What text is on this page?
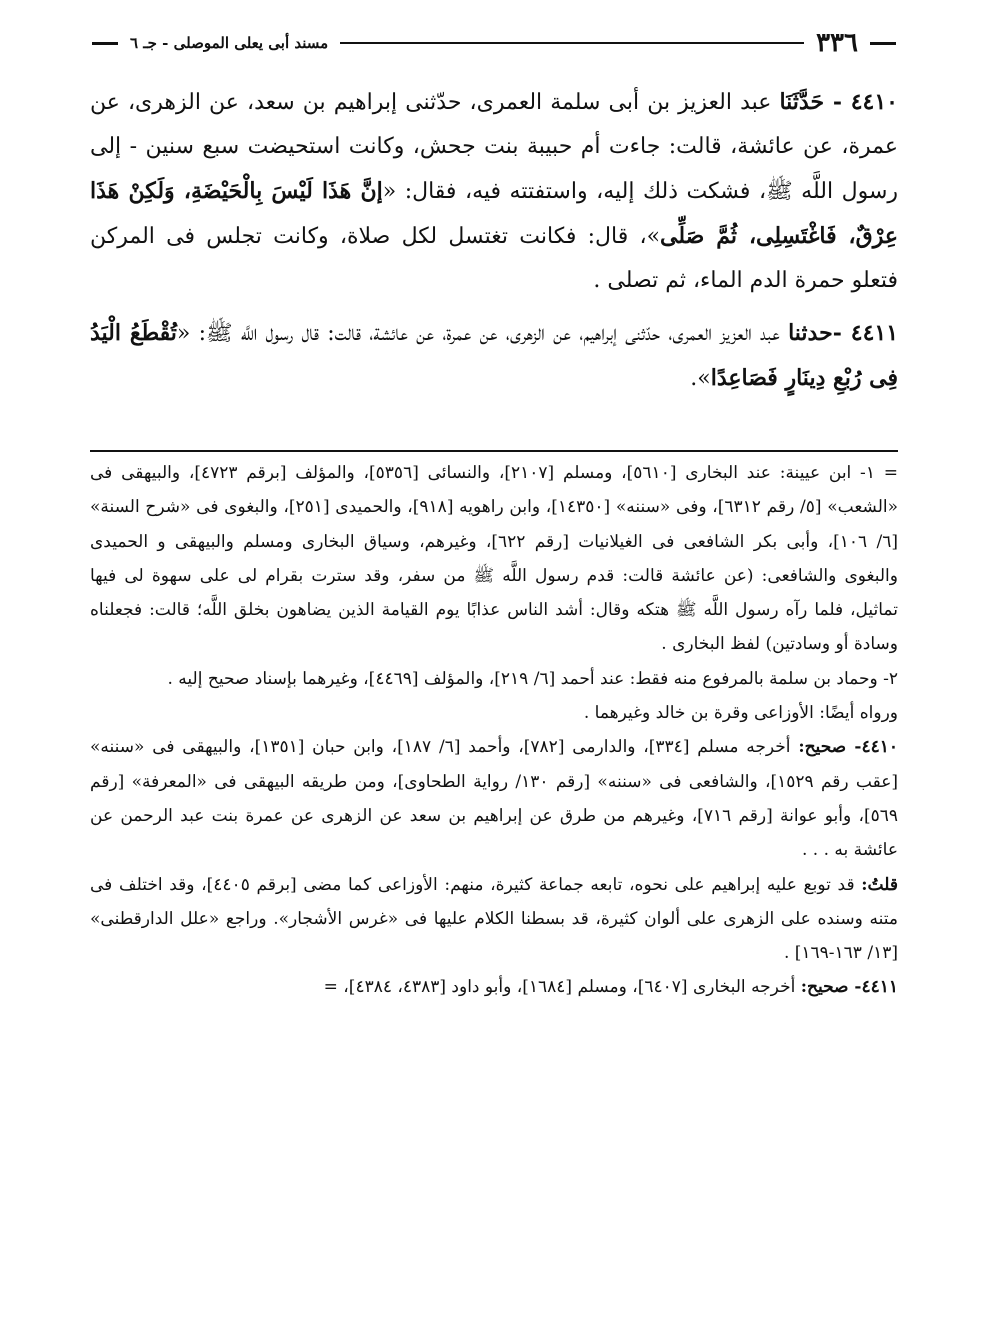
٣٣٦
مسند أبى يعلى الموصلى - جـ ٦

٤٤١٠ - حَدَّثَنَا عبد العزيز بن أبى سلمة العمرى، حدّثنى إبراهيم بن سعد، عن الزهرى، عن عمرة، عن عائشة، قالت: جاءت أم حبيبة بنت جحش، وكانت استحيضت سبع سنين - إلى رسول اللَّه ﷺ، فشكت ذلك إليه، واستفتته فيه، فقال: «إنَّ هَذَا لَيْسَ بِالْحَيْضَةِ، وَلَكِنْ هَذَا عِرْقٌ، فَاغْتَسِلِى، ثُمَّ صَلِّى»، قال: فكانت تغتسل لكل صلاة، وكانت تجلس فى المركن فتعلو حمرة الدم الماء، ثم تصلى .

٤٤١١ -حدثنا عبد العزيز العمرى، حدّثنى إبراهيم، عن الزهرى، عن عمرة، عن عائشة، قالت: قال رسول اللَّه ﷺ: «تُقْطَعُ الْيَدُ فِى رُبْعِ دِينَارٍ فَصَاعِدًا».

= ١- ابن عيينة: عند البخارى [٥٦١٠]، ومسلم [٢١٠٧]، والنسائى [٥٣٥٦]، والمؤلف [برقم ٤٧٢٣]، والبيهقى فى «الشعب» [٥/ رقم ٦٣١٢]، وفى «سننه» [١٤٣٥٠]، وابن راهويه [٩١٨]، والحميدى [٢٥١]، والبغوى فى «شرح السنة» [٦/ ١٠٦]، وأبى بكر الشافعى فى الغيلانيات [رقم ٦٢٢]، وغيرهم، وسياق البخارى ومسلم والبيهقى و الحميدى والبغوى والشافعى: (عن عائشة قالت: قدم رسول اللَّه ﷺ من سفر، وقد سترت بقرام لى على سهوة لى فيها تماثيل، فلما رآه رسول اللَّه ﷺ هتكه وقال: أشد الناس عذابًا يوم القيامة الذين يضاهون بخلق اللَّه؛ قالت: فجعلناه وسادة أو وسادتين) لفظ البخارى .

٢- وحماد بن سلمة بالمرفوع منه فقط: عند أحمد [٦/ ٢١٩]، والمؤلف [٤٤٦٩]، وغيرهما بإسناد صحيح إليه .

ورواه أيضًا: الأوزاعى وقرة بن خالد وغيرهما .

٤٤١٠- صحيح: أخرجه مسلم [٣٣٤]، والدارمى [٧٨٢]، وأحمد [٦/ ١٨٧]، وابن حبان [١٣٥١]، والبيهقى فى «سننه» [عقب رقم ١٥٢٩]، والشافعى فى «سننه» [رقم ١٣٠/ رواية الطحاوى]، ومن طريقه البيهقى فى «المعرفة» [رقم ٥٦٩]، وأبو عوانة [رقم ٧١٦]، وغيرهم من طرق عن إبراهيم بن سعد عن الزهرى عن عمرة بنت عبد الرحمن عن عائشة به . . .

قلتُ: قد توبع عليه إبراهيم على نحوه، تابعه جماعة كثيرة، منهم: الأوزاعى كما مضى [برقم ٤٤٠٥]، وقد اختلف فى متنه وسنده على الزهرى على ألوان كثيرة، قد بسطنا الكلام عليها فى «غرس الأشجار». وراجع «علل الدارقطنى» [١٣/ ١٦٣-١٦٩] .

٤٤١١- صحيح: أخرجه البخارى [٦٤٠٧]، ومسلم [١٦٨٤]، وأبو داود [٤٣٨٣، ٤٣٨٤]، =
